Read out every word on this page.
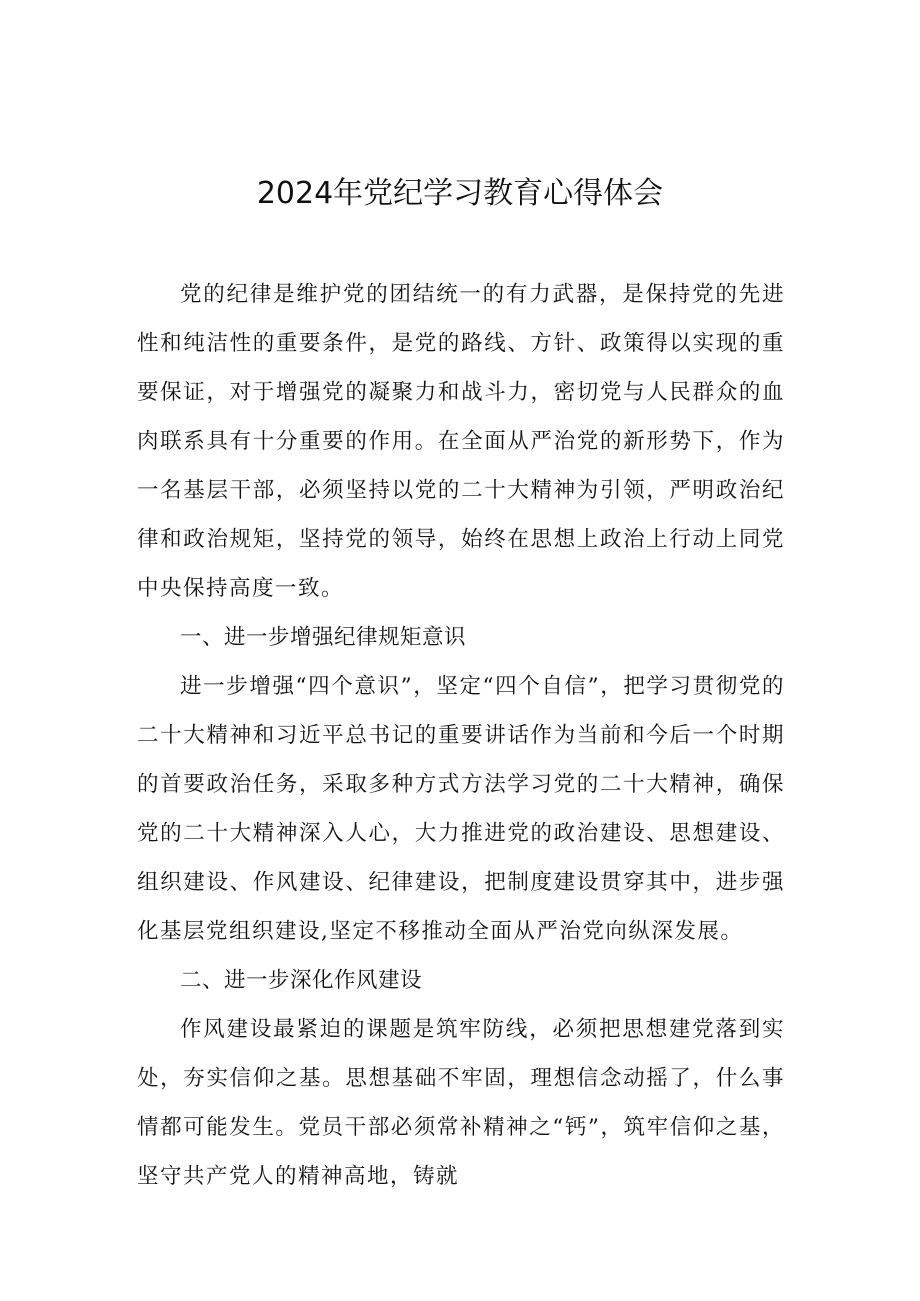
2024年党纪学习教育心得体会

党的纪律是维护党的团结统一的有力武器，是保持党的先进性和纯洁性的重要条件，是党的路线、方针、政策得以实现的重要保证，对于增强党的凝聚力和战斗力，密切党与人民群众的血肉联系具有十分重要的作用。在全面从严治党的新形势下，作为一名基层干部，必须坚持以党的二十大精神为引领，严明政治纪律和政治规矩，坚持党的领导，始终在思想上政治上行动上同党中央保持高度一致。

一、进一步增强纪律规矩意识

进一步增强“四个意识”，坚定“四个自信”，把学习贯彻党的二十大精神和习近平总书记的重要讲话作为当前和今后一个时期的首要政治任务，采取多种方式方法学习党的二十大精神，确保党的二十大精神深入人心，大力推进党的政治建设、思想建设、组织建设、作风建设、纪律建设，把制度建设贯穿其中，进步强化基层党组织建设,坚定不移推动全面从严治党向纵深发展。

二、进一步深化作风建设

作风建设最紧迫的课题是筑牢防线，必须把思想建党落到实处，夯实信仰之基。思想基础不牢固，理想信念动摇了，什么事情都可能发生。党员干部必须常补精神之“钙”，筑牢信仰之基，坚守共产党人的精神高地，铸就
